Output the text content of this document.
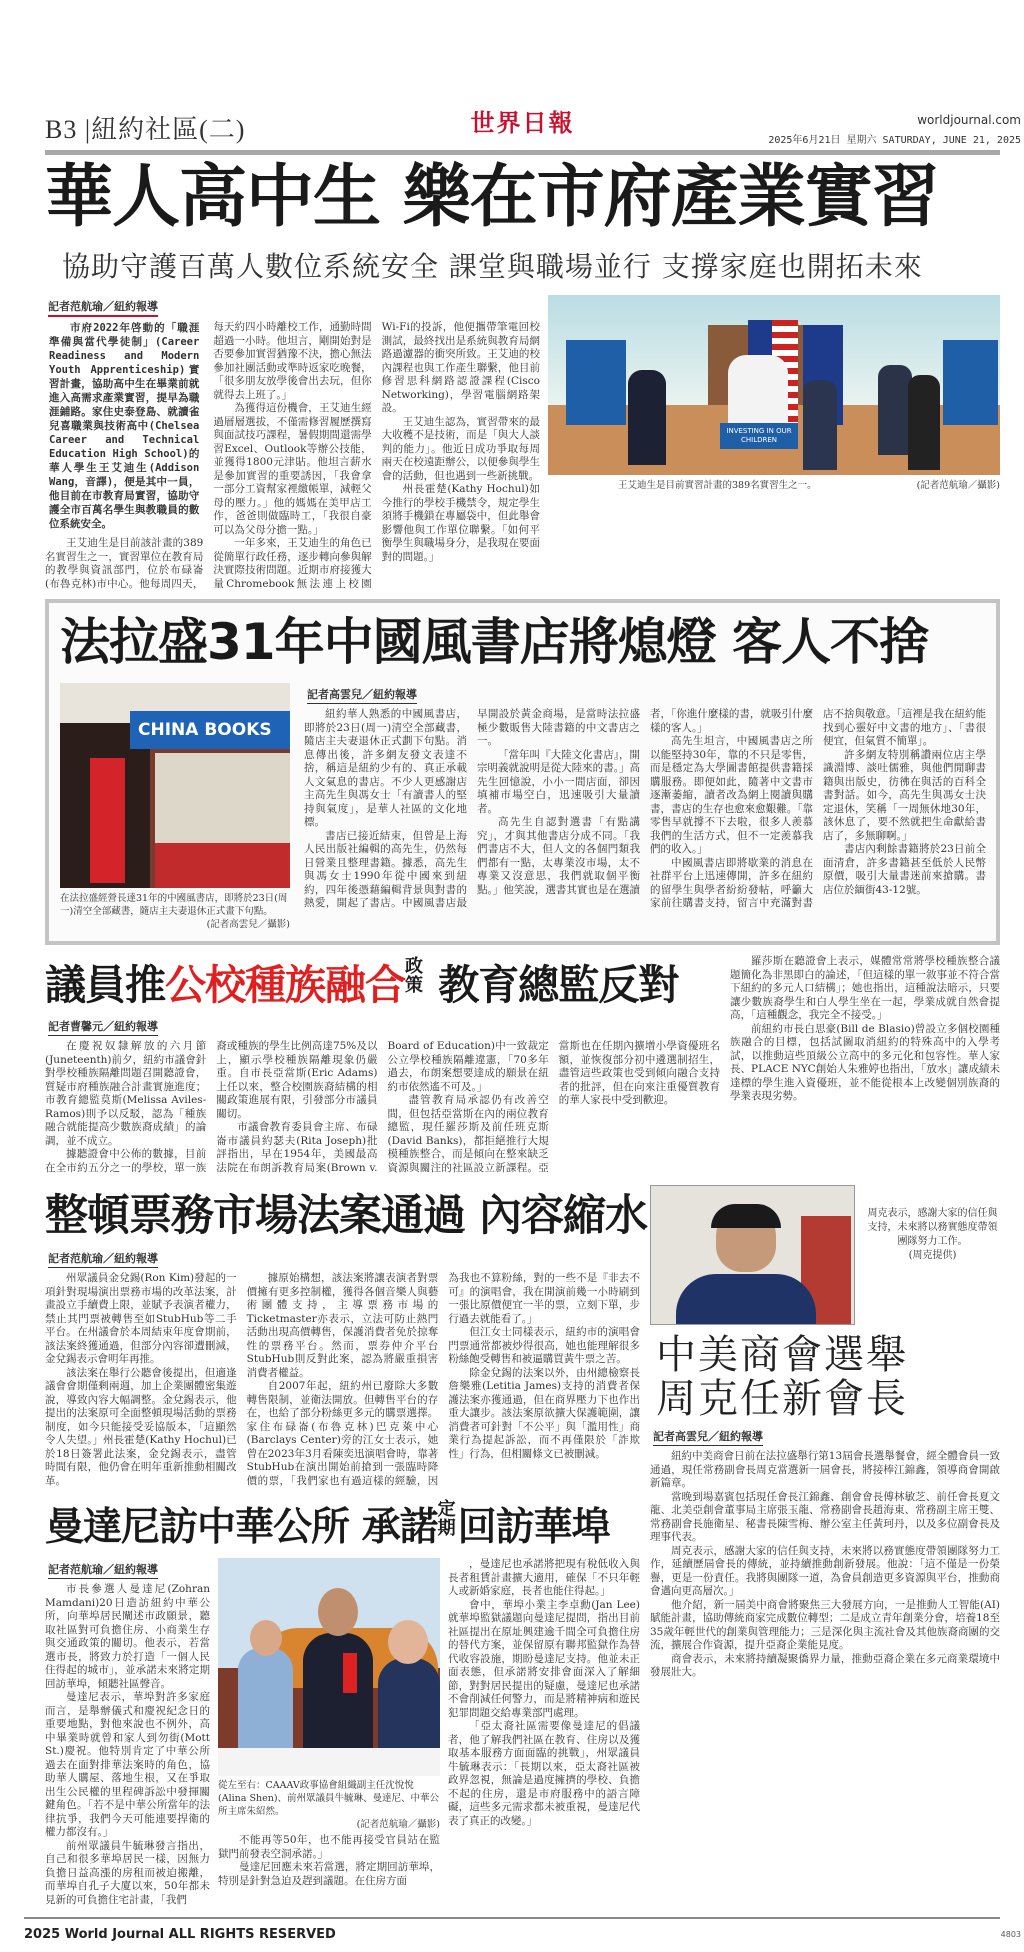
B3 |紐約社區(二)	世界日報	worldjournal.com
2025年6月21日 星期六 SATURDAY, JUNE 21, 2025
華人高中生 樂在市府產業實習
協助守護百萬人數位系統安全 課堂與職場並行 支撐家庭也開拓未來
記者范航瑜／紐約報導
市府2022年啓動的「職涯準備與當代學徒制」(Career Readiness and Modern Youth Apprenticeship)實習計畫，協助高中生在畢業前就進入高需求產業實習，提早為職涯鋪路。家住史泰登島、就讀雀兒喜職業與技術高中(Chelsea Career and Technical Education High School)的華人學生王艾迪生(Addison Wang，音譯)，便是其中一員，他目前在市教育局實習，協助守護全市百萬名學生與教職員的數位系統安全。

王艾迪生是目前該計畫的389名實習生之一，實習單位在教育局的教學與資訊部門，位於布碌崙(布魯克林)市中心。他每周四天，每天約四小時離校工作，通勤時間超過一小時。他坦言，剛開始對是否要參加實習猶豫不決，擔心無法參加社團活動或準時返家吃晚餐，「很多朋友放學後會出去玩，但你就得去上班了。」

為獲得這份機會，王艾迪生經過層層選拔，不僅需修習履歷撰寫與面試技巧課程，暑假期間還需學習Excel、Outlook等辦公技能，並獲得1800元津貼。他坦言薪水是參加實習的重要誘因，「我會拿一部分工資幫家裡繳帳單，減輕父母的壓力。」他的媽媽在美甲店工作，爸爸則做臨時工，「我很自豪可以為父母分擔一點。」

一年多來，王艾迪生的角色已從簡單行政任務，逐步轉向參與解決實際技術問題。近期市府接獲大量Chromebook無法連上校園Wi-Fi的投訴，他便攜帶筆電回校測試，最終找出是系統與教育局網路過濾器的衝突所致。王艾迪的校內課程也與工作產生聯繫，他目前修習思科網路認證課程(Cisco Networking)，學習電腦網路架設。

王艾迪生認為，實習帶來的最大收穫不是技術，而是「與大人談判的能力」。他近日成功爭取每周兩天在校遠距辦公，以便參與學生會的活動，但也遇到一些新挑戰。

州長霍楚(Kathy Hochul)如今推行的學校手機禁令，規定學生須將手機鎖在專屬袋中，但此舉會影響他與工作單位聯繫。「如何平衡學生與職場身分，是我現在要面對的問題。」

INVESTING IN OUR CHILDREN
王艾迪生是目前實習計畫的389名實習生之一。	(記者范航瑜／攝影)
法拉盛31年中國風書店將熄燈 客人不捨
CHINA BOOKS
在法拉盛經營長達31年的中國風書店，即將於23日(周一)清空全部藏書，隨店主夫妻退休正式畫下句點。
(記者高雲兒／攝影)
記者高雲兒／紐約報導

紐約華人熟悉的中國風書店，即將於23日(周一)清空全部藏書，隨店主夫妻退休正式劃下句點。消息傳出後，許多網友發文表達不捨，稱這是紐約少有的、真正承載人文氣息的書店。不少人更感謝店主高先生與馮女士「有讀書人的堅持與氣度」，是華人社區的文化地標。

書店已接近結束，但曾是上海人民出版社編輯的高先生，仍然每日營業且整理書籍。據悉，高先生與馮女士1990年從中國來到紐約，四年後憑藉編輯背景與對書的熱愛，開起了書店。中國風書店最早開設於黃金商場，是當時法拉盛極少數販售大陸書籍的中文書店之一。

「當年叫『大陸文化書店』，開宗明義就說明是從大陸來的書。」高先生回憶說，小小一間店面，卻因填補市場空白，迅速吸引大量讀者。

高先生自認對選書「有點講究」，才與其他書店分成不同。「我們書店不大，但人文的各個門類我們都有一點，太專業沒市場，太不專業又沒意思，我們就取個平衡點。」他笑說，選書其實也是在選讀者，「你進什麼樣的書，就吸引什麼樣的客人。」

高先生坦言，中國風書店之所以能堅持30年，靠的不只是零售，而是穩定為大學圖書館提供書籍採購服務。即便如此，隨著中文書市逐漸萎縮，讀者改為網上閱讀與購書，書店的生存也愈來愈艱難。「靠零售早就撐不下去啦，很多人羨慕我們的生活方式，但不一定羨慕我們的收入。」

中國風書店即將歇業的消息在社群平台上迅速傳開，許多在紐約的留學生與學者紛紛發帖，呼籲大家前往購書支持，留言中充滿對書店不捨與敬意。「這裡是我在紐約能找到心靈好中文書的地方」、「書很便宜，但氣質不簡單」。

許多網友特別稱讚兩位店主學識淵博、談吐儒雅，與他們閒聊書籍與出版史，彷彿在與活的百科全書對話。如今，高先生與馮女士決定退休，笑稱「一周無休地30年，該休息了，要不然就把生命獻給書店了，多無聊啊。」

書店內剩餘書籍將於23日前全面清倉，許多書籍甚至低於人民幣原價，吸引大量書迷前來搶購。書店位於緬街43-12號。

議員推公校種族融合政策 教育總監反對
記者曹馨元／紐約報導

在慶祝奴隸解放的六月節(Juneteenth)前夕，紐約市議會針對學校種族隔離問題召開聽證會，質疑市府種族融合計畫實施進度；市教育總監莫斯(Melissa Aviles-Ramos)則予以反駁，認為「種族融合就能提高少數族裔成績」的論調，並不成立。

據聽證會中公佈的數據，目前在全市約五分之一的學校，單一族裔或種族的學生比例高達75%及以上，顯示學校種族隔離現象仍嚴重。自市長亞當斯(Eric Adams)上任以來，整合校園族裔結構的相關政策進展有限，引發部分市議員關切。

市議會教育委員會主席、布碌崙市議員約瑟夫(Rita Joseph)批評指出，早在1954年，美國最高法院在布朗訴教育局案(Brown v. Board of Education)中一致裁定公立學校種族隔離違憲，「70多年過去，布朗案想要達成的願景在紐約市依然遙不可及。」

盡管教育局承認仍有改善空間，但包括亞當斯在內的兩位教育總監，現任羅莎斯及前任班克斯(David Banks)，都拒絕推行大規模種族整合，而是傾向在整來缺乏資源與關注的社區設立新課程。亞當斯也在任期內擴增小學資優班名額，並恢復部分初中遴選制招生，盡管這些政策也受到傾向融合支持者的批評，但在向來注重優質教育的華人家長中受到歡迎。

羅莎斯在聽證會上表示，媒體常常將學校種族整合議題簡化為非黑即白的論述，「但這樣的單一敘事並不符合當下紐約的多元人口結構」；她也指出，這種說法暗示，只要讓少數族裔學生和白人學生坐在一起，學業成就自然會提高，「這種觀念，我完全不接受。」

前紐約市長白思豪(Bill de Blasio)曾設立多個校園種族融合的目標，包括試圖取消紐約的特殊高中的入學考試，以推動這些頂級公立高中的多元化和包容性。華人家長、PLACE NYC創始人朱雅婷也指出，「放水」讓成績未達標的學生進入資優班，並不能從根本上改變個別族裔的學業表現劣勢。

整頓票務市場法案通過 內容縮水
記者范航瑜／紐約報導

州眾議員金兌錫(Ron Kim)發起的一項針對現場演出票務市場的改革法案，計畫設立手續費上限，並賦予表演者權力，禁止其門票被轉售至如StubHub等二手平台。在州議會於本周結束年度會期前，該法案終獲通過，但部分內容卻遭刪減，金兌錫表示會明年再推。

該法案在舉行公聽會後提出，但適逢議會會期僅剩兩週，加上企業團體密集遊說，導致內容大幅調整。金兌錫表示，他提出的法案原可全面整頓現場活動的票務制度，如今只能接受妥協版本，「這顯然令人失望。」州長霍楚(Kathy Hochul)已於18日簽署此法案，金兌錫表示，盡管時間有限，他仍會在明年重新推動相關改革。

據原始構想，該法案將讓表演者對票價擁有更多控制權，獲得各個音樂人與藝術團體支持，主導票務市場的Ticketmaster亦表示，立法可防止熱門活動出現高價轉售，保護消費者免於掠奪性的票務平台。然而，票券仲介平台StubHub則反對此案，認為將嚴重損害消費者權益。

自2007年起，紐約州已廢除大多數轉售限制，並衛法開放。但轉售平台的存在，也給了部分粉絲更多元的購票選擇。家住布碌崙(布魯克林)巴克萊中心(Barclays Center)旁的江女士表示，她曾在2023年3月看陳奕迅演唱會時，靠著StubHub在演出開始前搶到一張臨時降價的票，「我們家也有過這樣的經驗，因為我也不算粉絲，對的一些不是『非去不可』的演唱會，我在開演前幾一小時刷到一張比原價便宜一半的票，立刻下單，步行過去就能看了。」

但江女士同樣表示，紐約市的演唱會門票通常都被炒得很高，她也能理解很多粉絲飽受轉售和被逼購買黃牛票之苦。

除金兌錫的法案以外，由州總檢察長詹樂雅(Letitia James)支持的消費者保護法案亦獲通過，但在商界壓力下也作出重大讓步。該法案原欲擴大保護範圍，讓消費者可針對「不公平」與「濫用性」商業行為提起訴訟，而不再僅限於「詐欺性」行為，但相關條文已被刪減。

曼達尼訪中華公所 承諾定期回訪華埠
記者范航瑜／紐約報導

市長參選人曼達尼(Zohran Mamdani)20日造訪紐約中華公所，向華埠居民闡述市政願景，聽取社區對可負擔住房、小商業生存與交通政策的關切。他表示，若當選市長，將致力於打造「一個人民住得起的城市」，並承諾未來將定期回訪華埠，傾聽社區聲音。

曼達尼表示，華埠對許多家庭而言，是舉辦儀式和慶祝紀念日的重要地點，對他來說也不例外，高中畢業時就曾和家人到勿街(Mott St.)慶祝。他特別肯定了中華公所過去在面對排華法案時的角色，協助華人購屋、落地生根，又在爭取出生公民權的里程碑訴訟中發揮關鍵角色。「若不是中華公所當年的法律抗爭，我們今天可能連要捍衛的權力都沒有。」

前州眾議員牛毓琳發言指出，自己和很多華埠居民一樣，因無力負擔日益高漲的房租而被迫搬離，而華埠自孔子大廈以來，50年都未見新的可負擔住宅計畫，「我們

從左至右：CAAAV政事協會組織副主任沈悅悅(Alina Shen)、前州眾議員牛毓琳、曼達尼、中華公所主席朱紹然。
(記者范航瑜／攝影)

不能再等50年，也不能再接受官員站在監獄門前發表空洞承諾。」

曼達尼回應未來若當選，將定期回訪華埠，特別是針對急迫及趕到議題。在住房方面

，曼達尼也承諾將把現有稅低收入與長者租賃計畫擴大適用，確保「不只年輕人或新婚家庭，長者也能住得起。」

會中，華埠小業主李卓勳(Jan Lee)就華埠監獄議題向曼達尼提問，指出目前社區提出在原址興建逾千間全可負擔住房的替代方案，並保留原有聯邦監獄作為替代收容設施，期盼曼達尼支持。他並未正面表態，但承諾將安排會面深入了解細節，對對居民提出的疑慮，曼達尼也承諾不會削減任何警力，而是將精神病和遊民犯罪問題交給專業部門處理。

「亞太裔社區需要像曼達尼的倡議者，他了解我們社區在教育、住房以及獲取基本服務方面面臨的挑戰」，州眾議員牛毓琳表示：「長期以來，亞太裔社區被政界忽視，無論是過度擁擠的學校、負擔不起的住房，還是市府服務中的語言障礙，這些多元需求都未被重視，曼達尼代表了真正的改變。」

周克表示，感謝大家的信任與支持，未來將以務實態度帶領團隊努力工作。
(周克提供)
中美商會選舉
周克任新會長
記者高雲兒／紐約報導

紐約中美商會日前在法拉盛舉行第13屆會長選舉餐會，經全體會員一致通過，現任常務副會長周克當選新一屆會長，將接棒江錦鑫，領導商會開啟新篇章。

當晚到場嘉賓包括現任會長江錦鑫、創會會長傅林敏芝、前任會長夏文龍、北美亞創會董事局主席張玉龍、常務副會長趙海東、常務副主席王雙、常務副會長施衛星、秘書長陳雪梅、辦公室主任黃珂丹，以及多位副會長及理事代表。

周克表示，感謝大家的信任與支持，未來將以務實態度帶領團隊努力工作，延續歷屆會長的傳統，並持續推動創新發展。他說：「這不僅是一份榮譽，更是一份責任。我將與團隊一道，為會員創造更多資源與平台，推動商會邁向更高層次。」

他介紹，新一屆美中商會將聚焦三大發展方向，一是推動人工智能(AI)賦能計畫，協助傳統商家完成數位轉型；二是成立青年創業分會，培養18至35歲年輕世代的創業與管理能力；三是深化與主流社會及其他族裔商團的交流，擴展合作資源，提升亞裔企業能見度。

商會表示，未來將持續凝聚僑界力量，推動亞裔企業在多元商業環境中發展壯大。

2025 World Journal ALL RIGHTS RESERVED	4803
